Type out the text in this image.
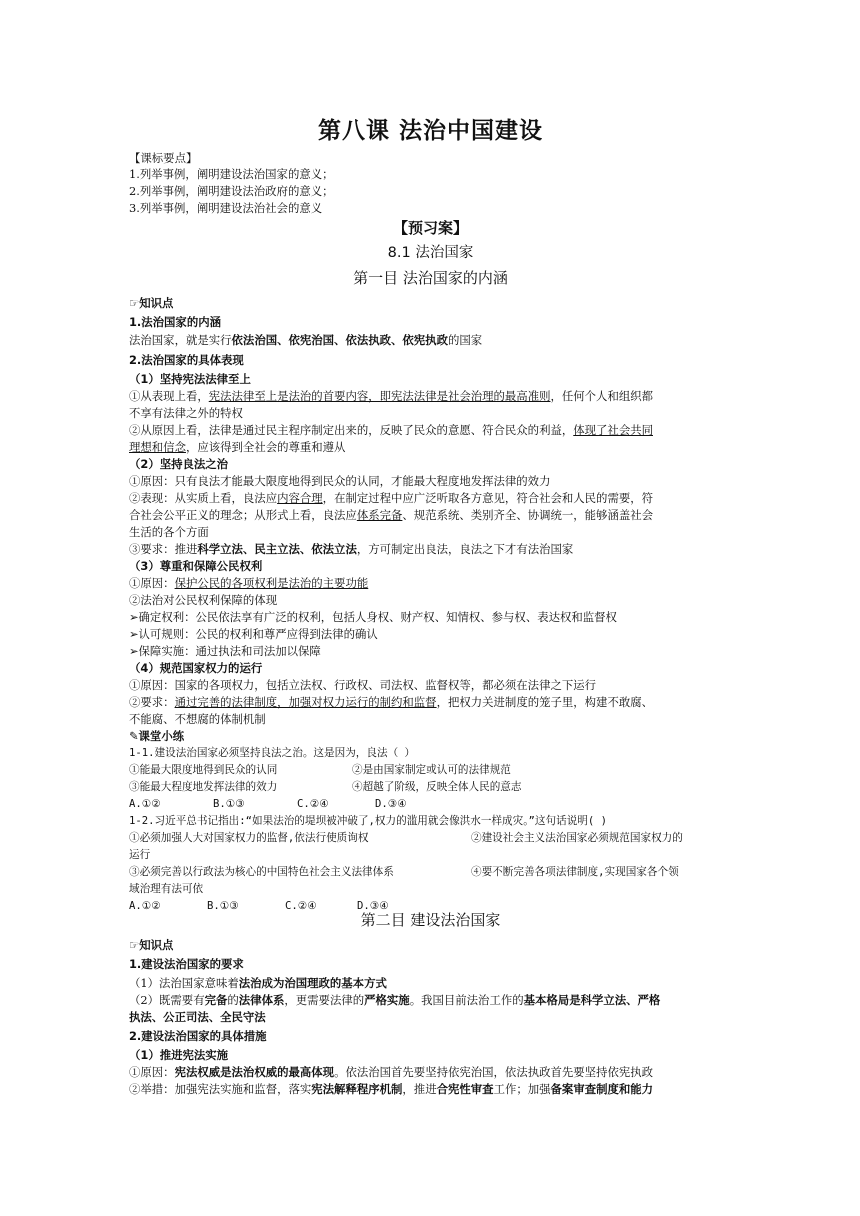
第八课 法治中国建设
【课标要点】
1.列举事例，阐明建设法治国家的意义；
2.列举事例，阐明建设法治政府的意义；
3.列举事例，阐明建设法治社会的意义
【预习案】
8.1 法治国家
第一目 法治国家的内涵
☞知识点
1.法治国家的内涵
法治国家，就是实行依法治国、依宪治国、依法执政、依宪执政的国家
2.法治国家的具体表现
（1）坚持宪法法律至上
①从表现上看，宪法法律至上是法治的首要内容，即宪法法律是社会治理的最高准则，任何个人和组织都
不享有法律之外的特权
②从原因上看，法律是通过民主程序制定出来的，反映了民众的意愿、符合民众的利益，体现了社会共同
理想和信念，应该得到全社会的尊重和遵从
（2）坚持良法之治
①原因：只有良法才能最大限度地得到民众的认同，才能最大程度地发挥法律的效力
②表现：从实质上看，良法应内容合理，在制定过程中应广泛听取各方意见，符合社会和人民的需要，符
合社会公平正义的理念；从形式上看，良法应体系完备、规范系统、类别齐全、协调统一，能够涵盖社会
生活的各个方面
③要求：推进科学立法、民主立法、依法立法，方可制定出良法，良法之下才有法治国家
（3）尊重和保障公民权利
①原因：保护公民的各项权利是法治的主要功能
②法治对公民权利保障的体现
➢确定权利：公民依法享有广泛的权利，包括人身权、财产权、知情权、参与权、表达权和监督权
➢认可规则：公民的权利和尊严应得到法律的确认
➢保障实施：通过执法和司法加以保障
（4）规范国家权力的运行
①原因：国家的各项权力，包括立法权、行政权、司法权、监督权等，都必须在法律之下运行
②要求：通过完善的法律制度，加强对权力运行的制约和监督，把权力关进制度的笼子里，构建不敢腐、
不能腐、不想腐的体制机制
✎课堂小练
1-1.建设法治国家必须坚持良法之治。这是因为，良法（ ）
①能最大限度地得到民众的认同	②是由国家制定或认可的法律规范
③能最大程度地发挥法律的效力	④超越了阶级，反映全体人民的意志
A.①②	B.①③	C.②④	D.③④
1-2.习近平总书记指出:“如果法治的堤坝被冲破了,权力的滥用就会像洪水一样成灾。”这句话说明( )
①必须加强人大对国家权力的监督,依法行使质询权	②建设社会主义法治国家必须规范国家权力的
运行
③必须完善以行政法为核心的中国特色社会主义法律体系	④要不断完善各项法律制度,实现国家各个领
域治理有法可依
A.①②	B.①③	C.②④	D.③④
第二目 建设法治国家
☞知识点
1.建设法治国家的要求
（1）法治国家意味着法治成为治国理政的基本方式
（2）既需要有完备的法律体系，更需要法律的严格实施。我国目前法治工作的基本格局是科学立法、严格
执法、公正司法、全民守法
2.建设法治国家的具体措施
（1）推进宪法实施
①原因：宪法权威是法治权威的最高体现。依法治国首先要坚持依宪治国，依法执政首先要坚持依宪执政
②举措：加强宪法实施和监督，落实宪法解释程序机制，推进合宪性审查工作；加强备案审查制度和能力
